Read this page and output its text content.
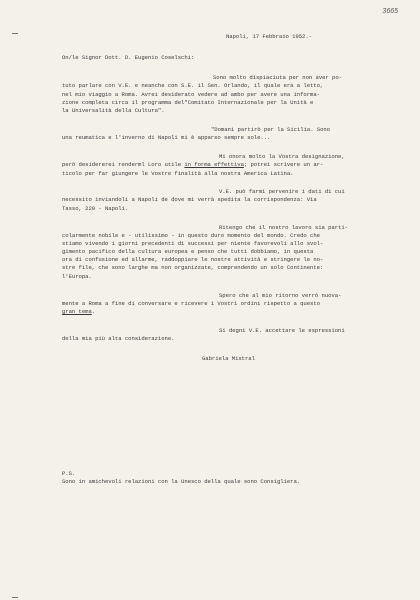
3665
Napoli, 17 Febbraio 1952.-
On/le Signor Dott. D. Eugenio Coselschi:
Sono molto dispiaciuta per non aver po-
tuto parlare con V.E. e neanche con S.E. il Sen. Orlando, il quale era a letto,
nel mio viaggio a Roma. Avrei desiderato vedere ad ambo per avere una informa-
zione completa circa il programma del"Comitato Internazionale per la Unità e
la Universalità della Cultura".
"Domani partirò per la Sicilia. Sono
una reumatica e l'inverno di Napoli mi è apparso sempre sole...
Mi onora molto la Vostra designazione,
però desidererei renderml Loro utile in forma effettiva; potrei scrivere un ar-
ticolo per far giungere le Vostre finalità alla nostra America Latina.
V.E. può farmi pervenire i dati di cui
necessito inviandoli a Napoli de dove mi verrà spedita la corrispondenza: Via
Tasso, 220 - Napoli.
Ritengo che il nostro lavoro sia parti-
colarmente nobile e - utilissimo - in questo duro momento del mondo. Credo che
stiamo vivendo i giorni precedenti di successi per niente favorevoli allo svol-
gimento pacifico della cultura europea e penso che tutti dobbiamo, in questa
ora di confusione ed allarme, raddoppiare le nostre attività e stringere le no-
stre file, che sono larghe ma non organizzate, comprendendo un solo Continente:
l'Europa.
Spero che al mio ritorno verrò nuova-
mente a Roma a fine di conversare e ricevere i Vostri ordini rispetto a questo
gran tema.
Si degni V.E. accettare le espressioni
della mia più alta considerazione.
Gabriela Mistral
P.S.
Sono in amichevoli relazioni con la Unesco della quale sono Consigliera.
